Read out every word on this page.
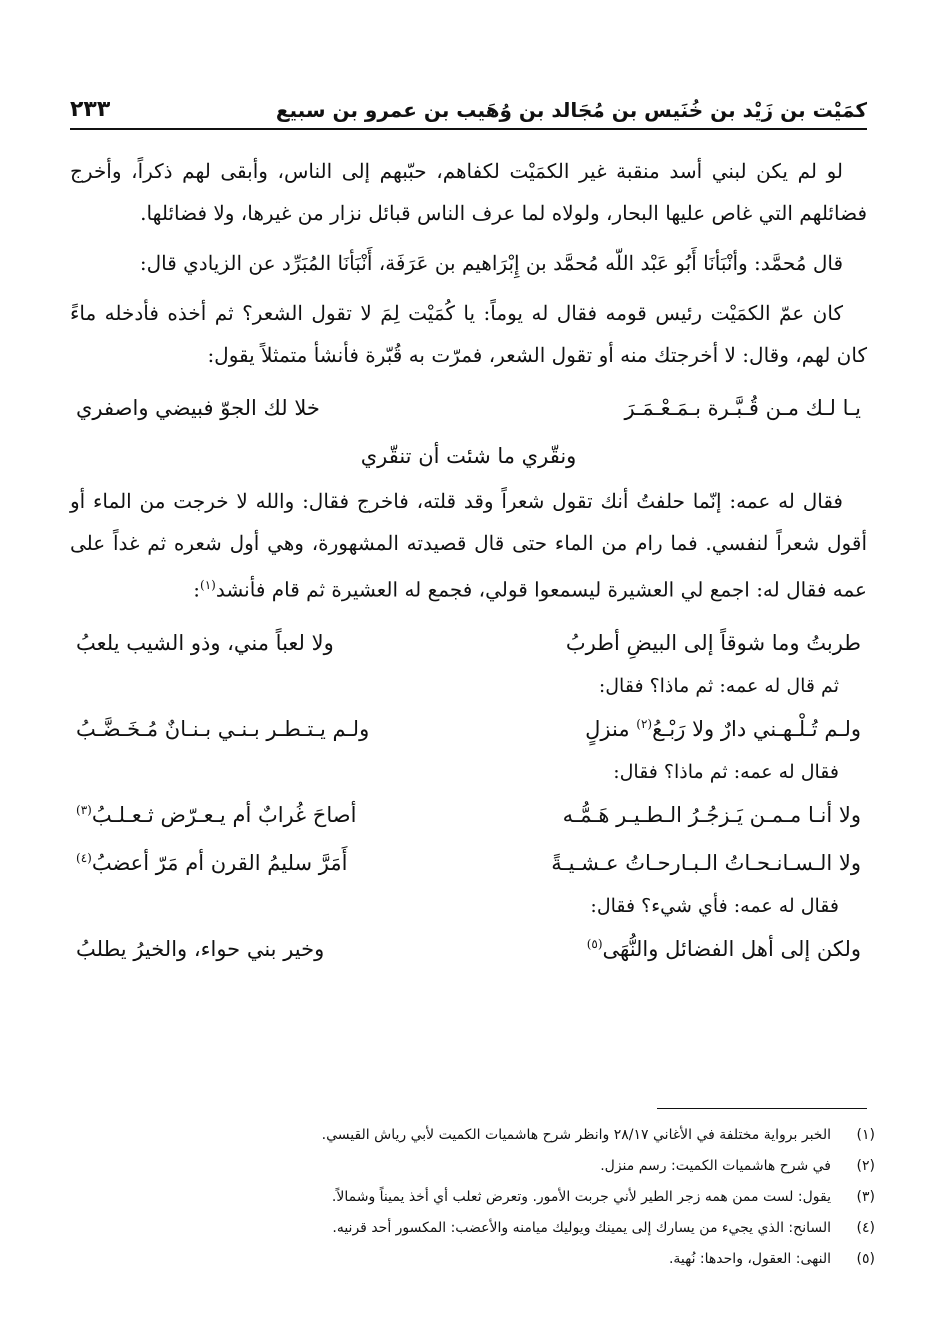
٢٣٣	كمَيْت بن زَيْد بن خُنَيس بن مُجَالد بن وُهَيب بن عمرو بن سبيع

لو لم يكن لبني أسد منقبة غير الكمَيْت لكفاهم، حبّبهم إلى الناس، وأبقى لهم ذكراً، وأخرج فضائلهم التي غاص عليها البحار، ولولاه لما عرف الناس قبائل نزار من غيرها، ولا فضائلها.

قال مُحمَّد: وأنْبَأنَا أَبُو عَبْد اللّه مُحمَّد بن إِبْرَاهيم بن عَرَفَة، أَنْبَأنَا المُبَرِّد عن الزيادي قال:

كان عمّ الكمَيْت رئيس قومه فقال له يوماً: يا كُمَيْت لِمَ لا تقول الشعر؟ ثم أخذه فأدخله ماءً كان لهم، وقال: لا أخرجتك منه أو تقول الشعر، فمرّت به قُبّرة فأنشأ متمثلاً يقول:

يـا لـك مـن قُـبَّـرة بـمَـعْـمَـرَ
خلا لك الجوّ فبيضي واصفري
ونقّري ما شئت أن تنقّري

فقال له عمه: إنّما حلفتُ أنك تقول شعراً وقد قلته، فاخرج فقال: والله لا خرجت من الماء أو أقول شعراً لنفسي. فما رام من الماء حتى قال قصيدته المشهورة، وهي أول شعره ثم غداً على عمه فقال له: اجمع لي العشيرة ليسمعوا قولي، فجمع له العشيرة ثم قام فأنشد$^{(١)}$:

طربتُ وما شوقاً إلى البيضِ أطربُ
ولا لعباً مني، وذو الشيب يلعبُ
ثم قال له عمه: ثم ماذا؟ فقال:
ولـم تُـلْـهـني دارٌ ولا رَبْـعُ$^{(٢)}$ منزلٍ
ولـم يـتـطـر بـنـي بـنـانٌ مُـخَـضَّـبُ
فقال له عمه: ثم ماذا؟ فقال:
ولا أنـا مـمـن يَـزجُـرُ الـطـيـر هَـمُّـه
أصاحَ غُرابٌ أم يـعـرّض ثـعـلـبُ$^{(٣)}$
ولا الـسـانـحـاتُ الـبـارحـاتُ عـشـيـةً
أَمَرَّ سليمُ القرن أم مَرّ أعضبُ$^{(٤)}$
فقال له عمه: فأي شيء؟ فقال:
ولكن إلى أهل الفضائل والنُّهَى$^{(٥)}$
وخير بني حواء، والخيرُ يطلبُ
(١)الخبر برواية مختلفة في الأغاني ٢٨/١٧ وانظر شرح هاشميات الكميت لأبي رياش القيسي.
(٢)في شرح هاشميات الكميت: رسم منزل.
(٣)يقول: لست ممن همه زجر الطير لأني جربت الأمور. وتعرض ثعلب أي أخذ يميناً وشمالاً.
(٤)السانح: الذي يجيء من يسارك إلى يمينك ويوليك ميامنه والأعضب: المكسور أحد قرنيه.
(٥)النهى: العقول، واحدها: نُهية.
